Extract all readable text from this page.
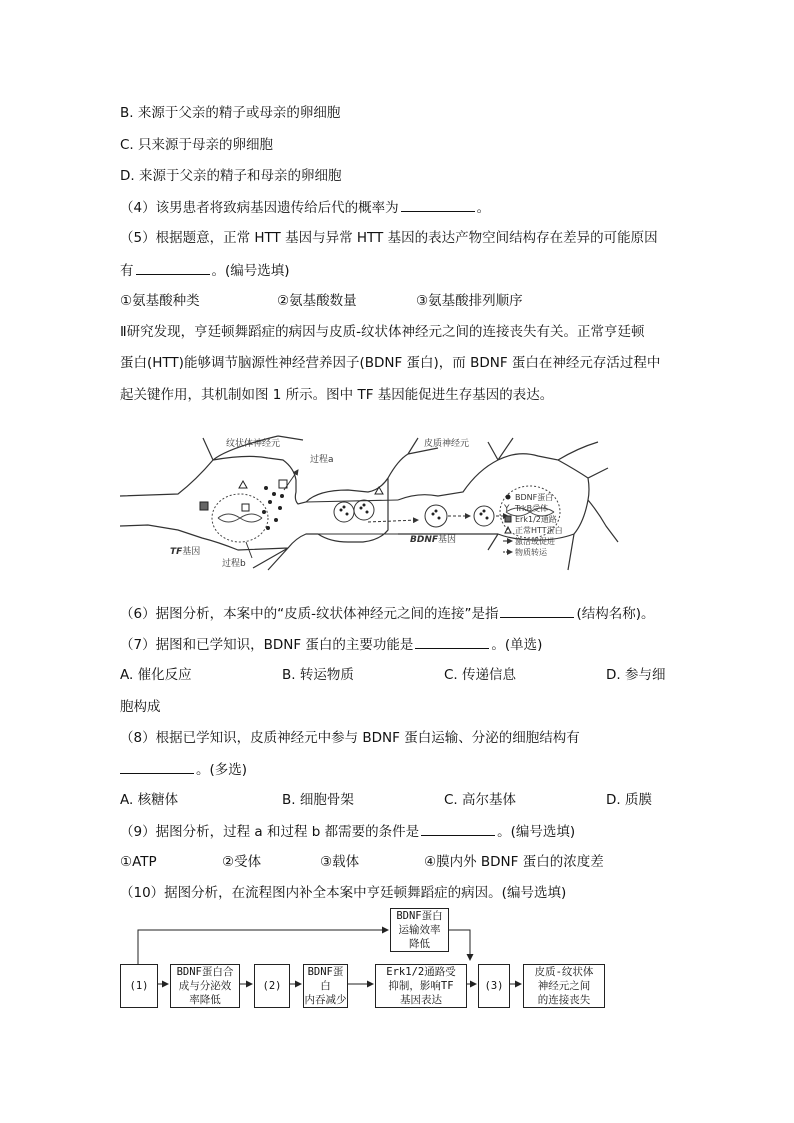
B. 来源于父亲的精子或母亲的卵细胞
C. 只来源于母亲的卵细胞
D. 来源于父亲的精子和母亲的卵细胞
（4）该男患者将致病基因遗传给后代的概率为	。
（5）根据题意，正常 HTT 基因与异常 HTT 基因的表达产物空间结构存在差异的可能原因
有	。(编号选填)
①氨基酸种类	②氨基酸数量	③氨基酸排列顺序
Ⅱ研究发现，亨廷顿舞蹈症的病因与皮质-纹状体神经元之间的连接丧失有关。正常亨廷顿
蛋白(HTT)能够调节脑源性神经营养因子(BDNF 蛋白)，而 BDNF 蛋白在神经元存活过程中
起关键作用，其机制如图 1 所示。图中 TF 基因能促进生存基因的表达。
纹状体神经元	皮质神经元
过程a
过程b
TF基因
BDNF基因
BDNF蛋白
Y TrkB受体
Erk1/2通路
正常HTT蛋白
激活或促进
物质转运
（6）据图分析，本案中的“皮质-纹状体神经元之间的连接”是指	(结构名称)。
（7）据图和已学知识，BDNF 蛋白的主要功能是	。(单选)
A. 催化反应	B. 转运物质	C. 传递信息	D. 参与细
胞构成
（8）根据已学知识，皮质神经元中参与 BDNF 蛋白运输、分泌的细胞结构有
。(多选)
A. 核糖体	B. 细胞骨架	C. 高尔基体	D. 质膜
（9）据图分析，过程 a 和过程 b 都需要的条件是	。(编号选填)
①ATP	②受体	③载体	④膜内外 BDNF 蛋白的浓度差
（10）据图分析，在流程图内补全本案中亨廷顿舞蹈症的病因。(编号选填)
(1)
BDNF蛋白合
成与分泌效
率降低
(2)
BDNF蛋白
内吞减少
Erk1/2通路受
抑制，影响TF
基因表达
(3)
皮质-纹状体
神经元之间
的连接丧失
BDNF蛋白
运输效率
降低
